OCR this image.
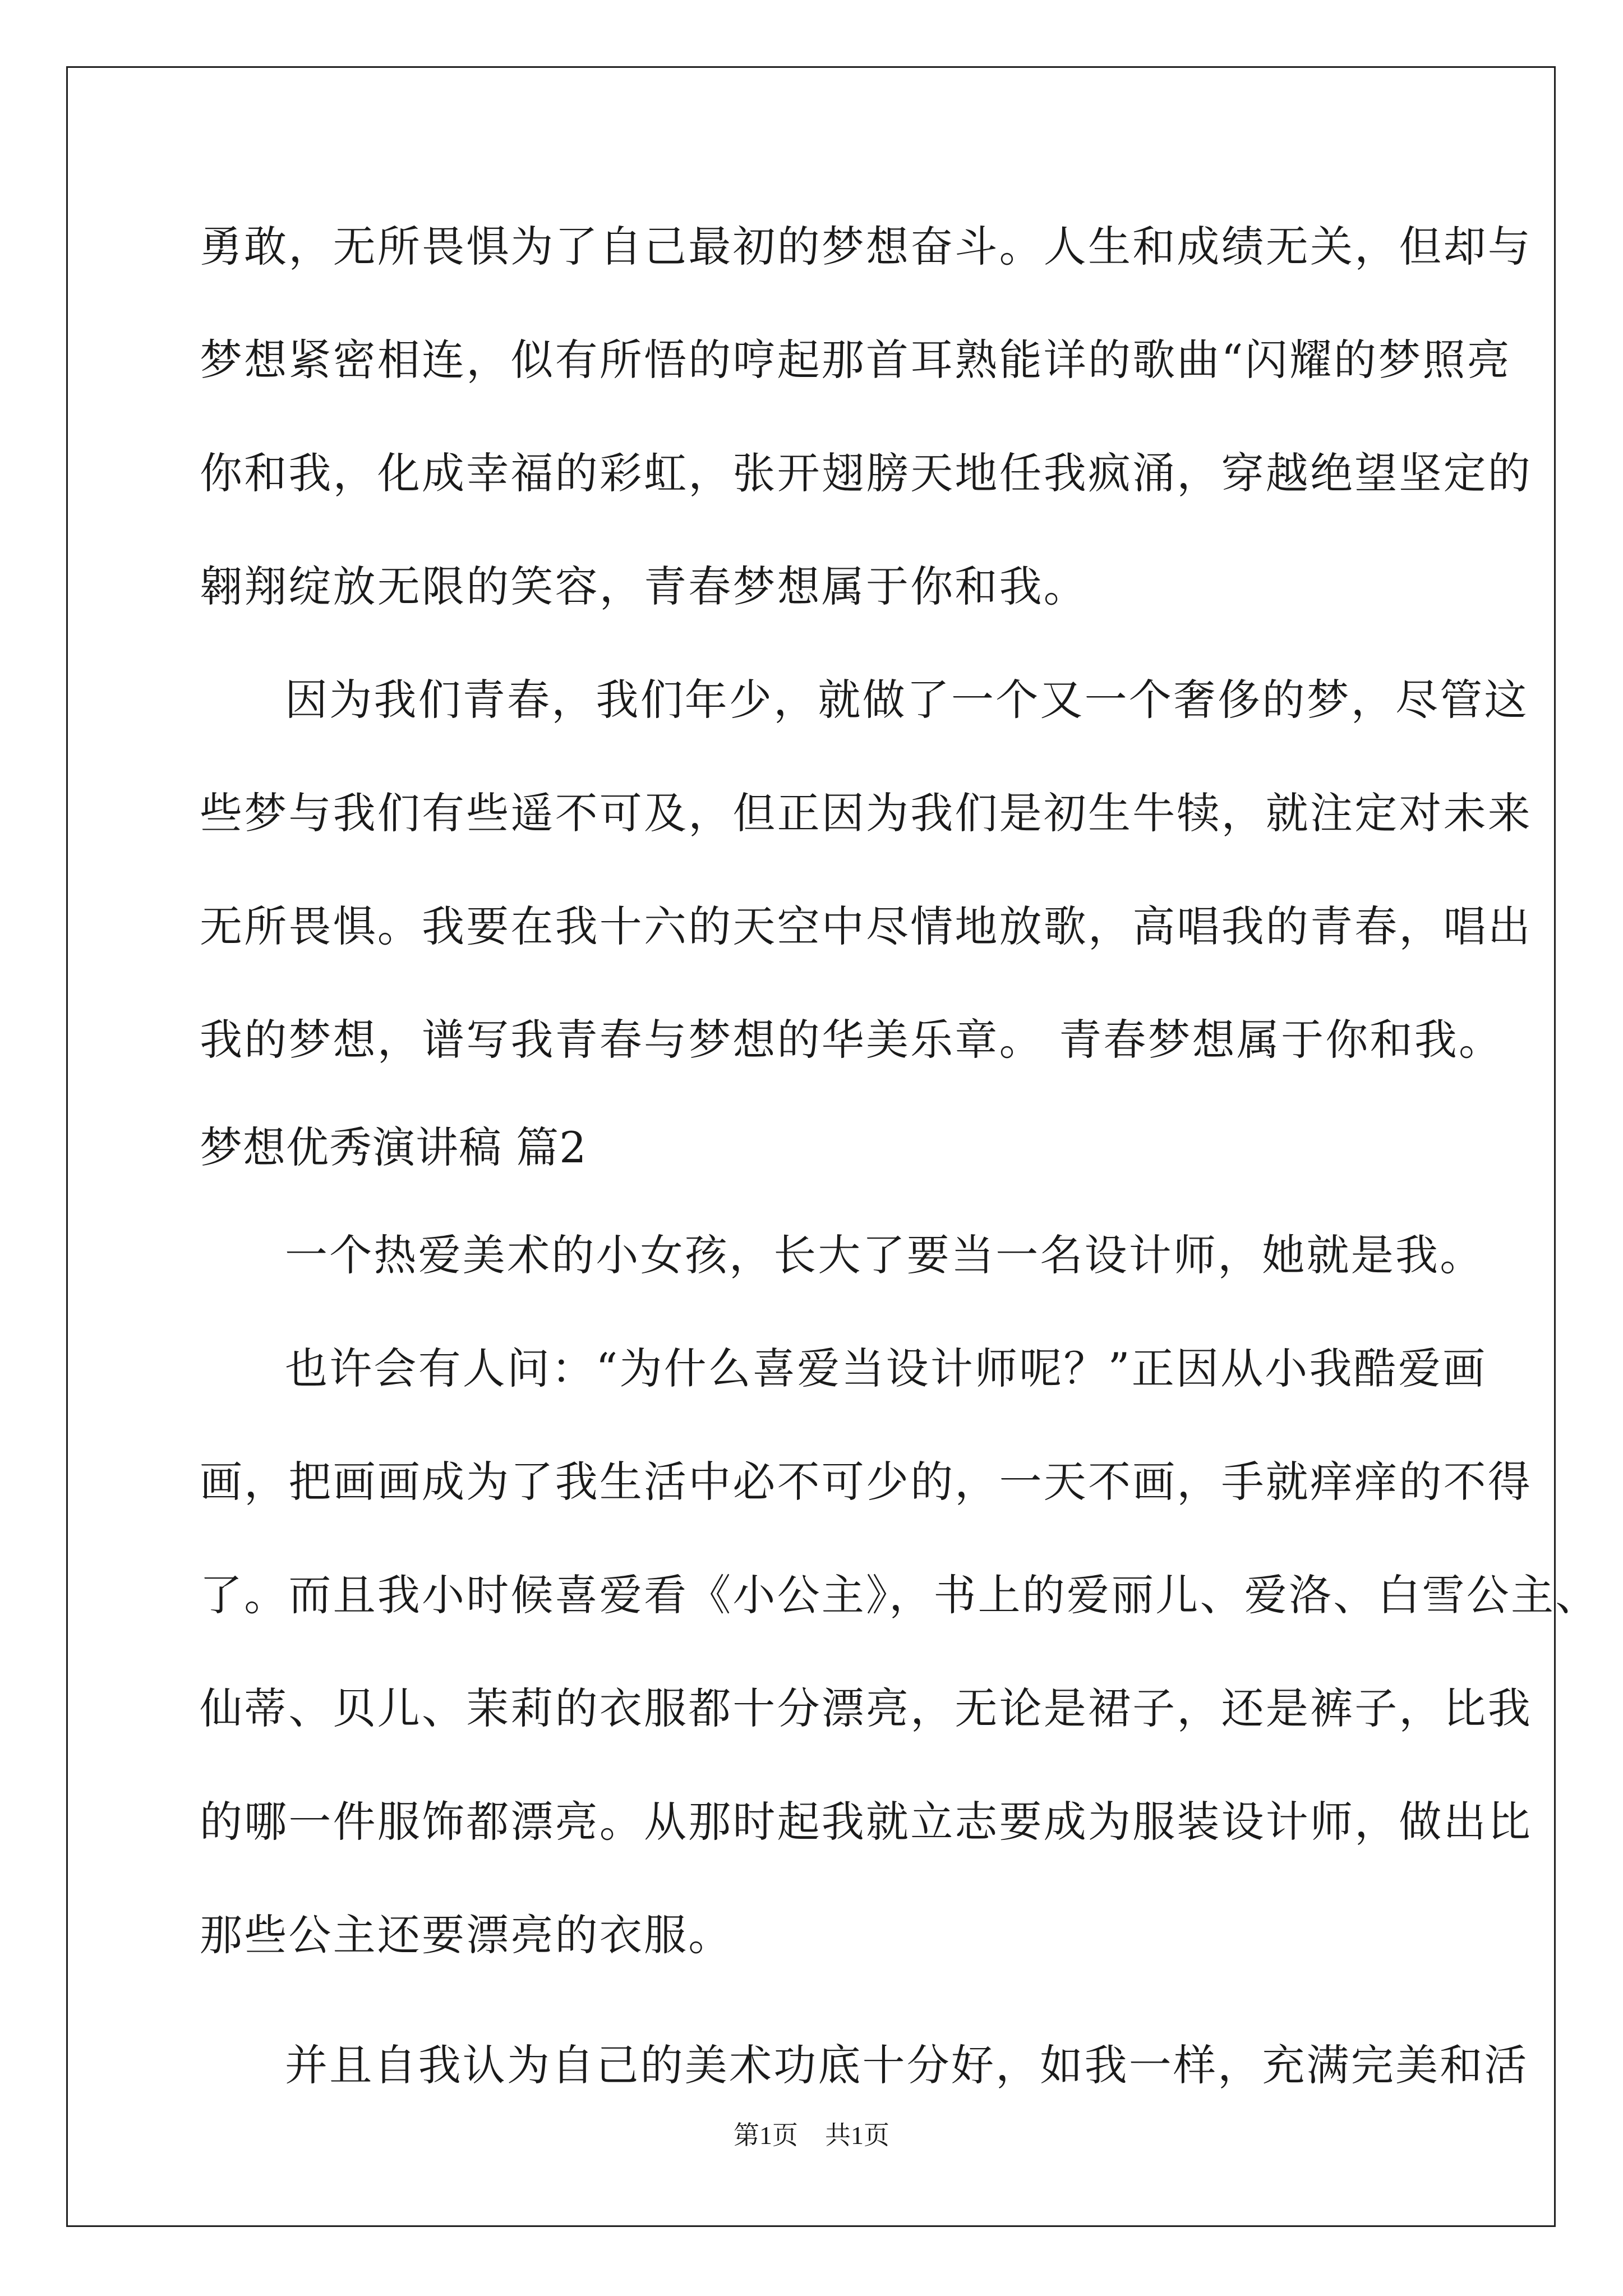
勇敢，无所畏惧为了自己最初的梦想奋斗。人生和成绩无关，但却与
梦想紧密相连，似有所悟的哼起那首耳熟能详的歌曲“闪耀的梦照亮
你和我，化成幸福的彩虹，张开翅膀天地任我疯涌，穿越绝望坚定的
翱翔绽放无限的笑容，青春梦想属于你和我。
因为我们青春，我们年少，就做了一个又一个奢侈的梦，尽管这
些梦与我们有些遥不可及，但正因为我们是初生牛犊，就注定对未来
无所畏惧。我要在我十六的天空中尽情地放歌，高唱我的青春，唱出
我的梦想，谱写我青春与梦想的华美乐章。 青春梦想属于你和我。
梦想优秀演讲稿 篇2
一个热爱美术的小女孩，长大了要当一名设计师，她就是我。
也许会有人问：“为什么喜爱当设计师呢？”正因从小我酷爱画
画，把画画成为了我生活中必不可少的，一天不画，手就痒痒的不得
了。而且我小时候喜爱看《小公主》，书上的爱丽儿、爱洛、白雪公主、
仙蒂、贝儿、茉莉的衣服都十分漂亮，无论是裙子，还是裤子，比我
的哪一件服饰都漂亮。从那时起我就立志要成为服装设计师，做出比
那些公主还要漂亮的衣服。
并且自我认为自己的美术功底十分好，如我一样，充满完美和活
第1页 共1页
